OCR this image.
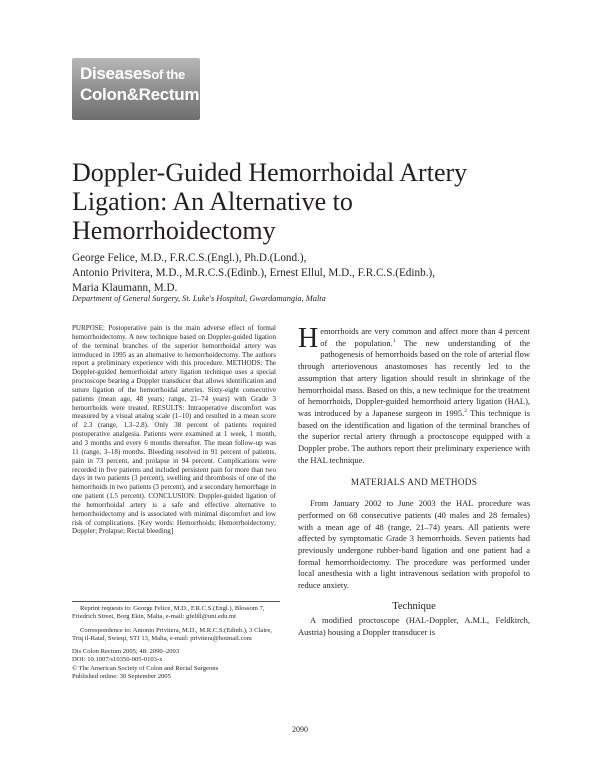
Diseasesof the
Colon&Rectum
Doppler-Guided Hemorrhoidal Artery Ligation: An Alternative to Hemorrhoidectomy
George Felice, M.D., F.R.C.S.(Engl.), Ph.D.(Lond.),
Antonio Privitera, M.D., M.R.C.S.(Edinb.), Ernest Ellul, M.D., F.R.C.S.(Edinb.),
Maria Klaumann, M.D.
Department of General Surgery, St. Luke's Hospital, Gwardamangia, Malta
PURPOSE: Postoperative pain is the main adverse effect of formal hemorrhoidectomy. A new technique based on Doppler-guided ligation of the terminal branches of the superior hemorrhoidal artery was introduced in 1995 as an alternative to hemorrhoidectomy. The authors report a preliminary experience with this procedure. METHODS: The Doppler-guided hemorrhoidal artery ligation technique uses a special proctoscope bearing a Doppler transducer that allows identification and suture ligation of the hemorrhoidal arteries. Sixty-eight consecutive patients (mean age, 48 years; range, 21–74 years) with Grade 3 hemorrhoids were treated. RESULTS: Intraoperative discomfort was measured by a visual analog scale (1–10) and resulted in a mean score of 2.3 (range, 1.3–2.8). Only 38 percent of patients required postoperative analgesia. Patients were examined at 1 week, 1 month, and 3 months and every 6 months thereafter. The mean follow-up was 11 (range, 3–18) months. Bleeding resolved in 91 percent of patients, pain in 73 percent, and prolapse in 94 percent. Complications were recorded in five patients and included persistent pain for more than two days in two patients (3 percent), swelling and thrombosis of one of the hemorrhoids in two patients (3 percent), and a secondary hemorrhage in one patient (1.5 percent). CONCLUSION: Doppler-guided ligation of the hemorrhoidal artery is a safe and effective alternative to hemorrhoidectomy and is associated with minimal discomfort and low risk of complications. [Key words: Hemorrhoids; Hemorrhoidectomy; Doppler; Prolapse; Rectal bleeding]

Reprint requests to: George Felice, M.D., F.R.C.S.(Engl.), Blossom 7, Friedrich Street, Borg Ekin, Malta, e-mail: gfelill@uni.edu.mt

Correspondence to: Antonio Privitera, M.D., M.R.C.S.(Edinb.), 3 Claire, Triq il-Ratal, Swieqi, STJ 13, Malta, e-mail: privitera@hotmail.com

Dis Colon Rectum 2005; 48: 2090–2093
DOI: 10.1007/s10350-005-0103-x
© The American Society of Colon and Rectal Surgeons
Published online: 30 September 2005

Hemorrhoids are very common and affect more than 4 percent of the population.$^1$ The new understanding of the pathogenesis of hemorrhoids based on the role of arterial flow through arteriovenous anastomoses has recently led to the assumption that artery ligation should result in shrinkage of the hemorrhoidal mass. Based on this, a new technique for the treatment of hemorrhoids, Doppler-guided hemorrhoid artery ligation (HAL), was introduced by a Japanese surgeon in 1995.$^2$ This technique is based on the identification and ligation of the terminal branches of the superior rectal artery through a proctoscope equipped with a Doppler probe. The authors report their preliminary experience with the HAL technique.

MATERIALS AND METHODS

From January 2002 to June 2003 the HAL procedure was performed on 68 consecutive patients (40 males and 28 females) with a mean age of 48 (range, 21–74) years. All patients were affected by symptomatic Grade 3 hemorrhoids. Seven patients had previously undergone rubber-band ligation and one patient had a formal hemorrhoidectomy. The procedure was performed under local anesthesia with a light intravenous sedation with propofol to reduce anxiety.

Technique

A modified proctoscope (HAL-Doppler, A.M.I., Feldkirch, Austria) housing a Doppler transducer is

2090
